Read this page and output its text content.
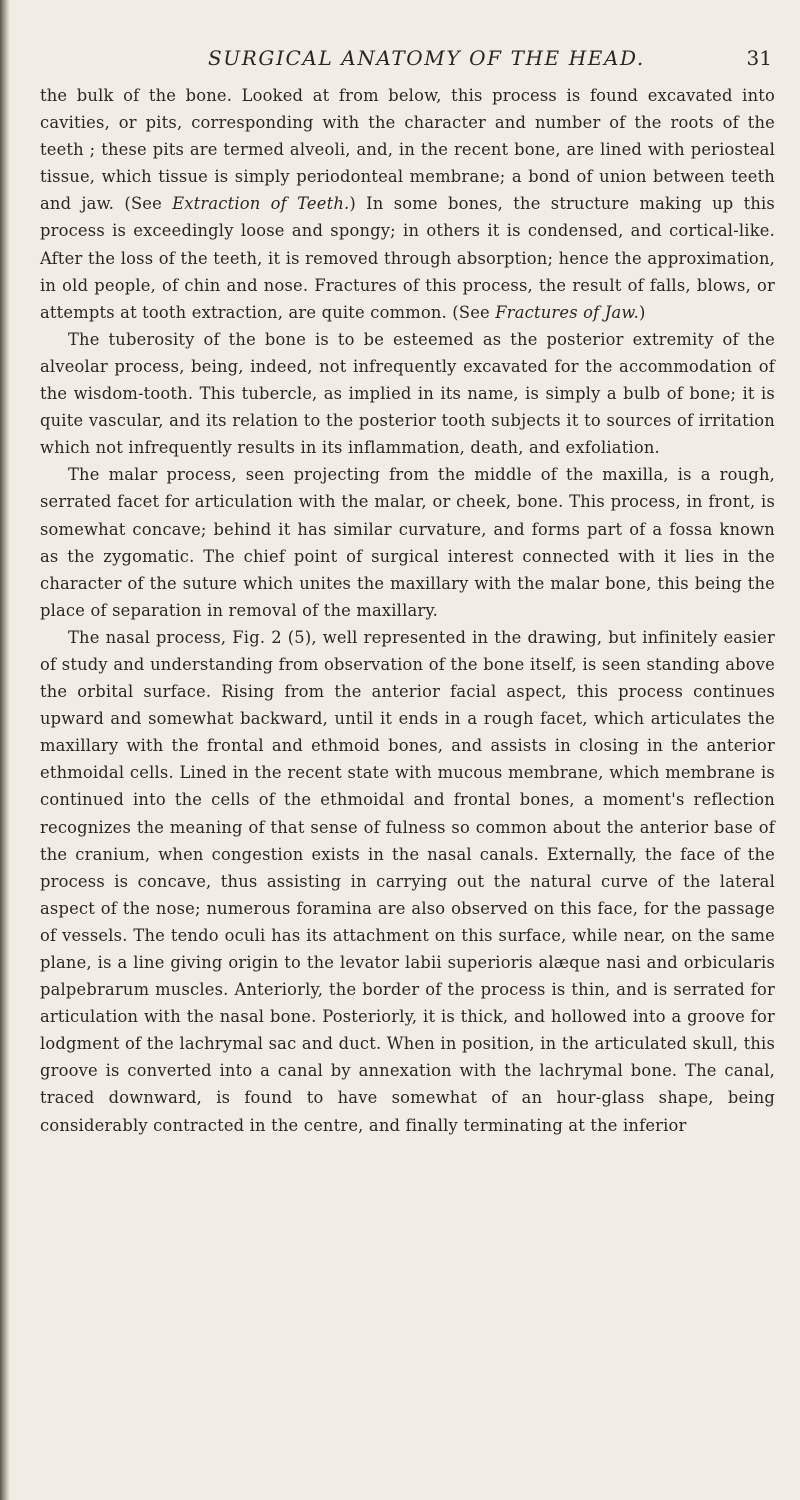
SURGICAL ANATOMY OF THE HEAD.	31

the bulk of the bone. Looked at from below, this process is found excavated into cavities, or pits, corresponding with the character and number of the roots of the teeth ; these pits are termed alveoli, and, in the recent bone, are lined with periosteal tissue, which tissue is simply periodonteal membrane; a bond of union between teeth and jaw. (See Extraction of Teeth.) In some bones, the structure making up this process is exceedingly loose and spongy; in others it is condensed, and cortical-like. After the loss of the teeth, it is removed through absorption; hence the approximation, in old people, of chin and nose. Fractures of this process, the result of falls, blows, or attempts at tooth extraction, are quite common. (See Fractures of Jaw.)

The tuberosity of the bone is to be esteemed as the posterior extremity of the alveolar process, being, indeed, not infrequently excavated for the accommodation of the wisdom-tooth. This tubercle, as implied in its name, is simply a bulb of bone; it is quite vascular, and its relation to the posterior tooth subjects it to sources of irritation which not infrequently results in its inflammation, death, and exfoliation.

The malar process, seen projecting from the middle of the maxilla, is a rough, serrated facet for articulation with the malar, or cheek, bone. This process, in front, is somewhat concave; behind it has similar curvature, and forms part of a fossa known as the zygomatic. The chief point of surgical interest connected with it lies in the character of the suture which unites the maxillary with the malar bone, this being the place of separation in removal of the maxillary.

The nasal process, Fig. 2 (5), well represented in the drawing, but infinitely easier of study and understanding from observation of the bone itself, is seen standing above the orbital surface. Rising from the anterior facial aspect, this process continues upward and somewhat backward, until it ends in a rough facet, which articulates the maxillary with the frontal and ethmoid bones, and assists in closing in the anterior ethmoidal cells. Lined in the recent state with mucous membrane, which membrane is continued into the cells of the ethmoidal and frontal bones, a moment's reflection recognizes the meaning of that sense of fulness so common about the anterior base of the cranium, when congestion exists in the nasal canals. Externally, the face of the process is concave, thus assisting in carrying out the natural curve of the lateral aspect of the nose; numerous foramina are also observed on this face, for the passage of vessels. The tendo oculi has its attachment on this surface, while near, on the same plane, is a line giving origin to the levator labii superioris alæque nasi and orbicularis palpebrarum muscles. Anteriorly, the border of the process is thin, and is serrated for articulation with the nasal bone. Posteriorly, it is thick, and hollowed into a groove for lodgment of the lachrymal sac and duct. When in position, in the articulated skull, this groove is converted into a canal by annexation with the lachrymal bone. The canal, traced downward, is found to have somewhat of an hour-glass shape, being considerably contracted in the centre, and finally terminating at the inferior
